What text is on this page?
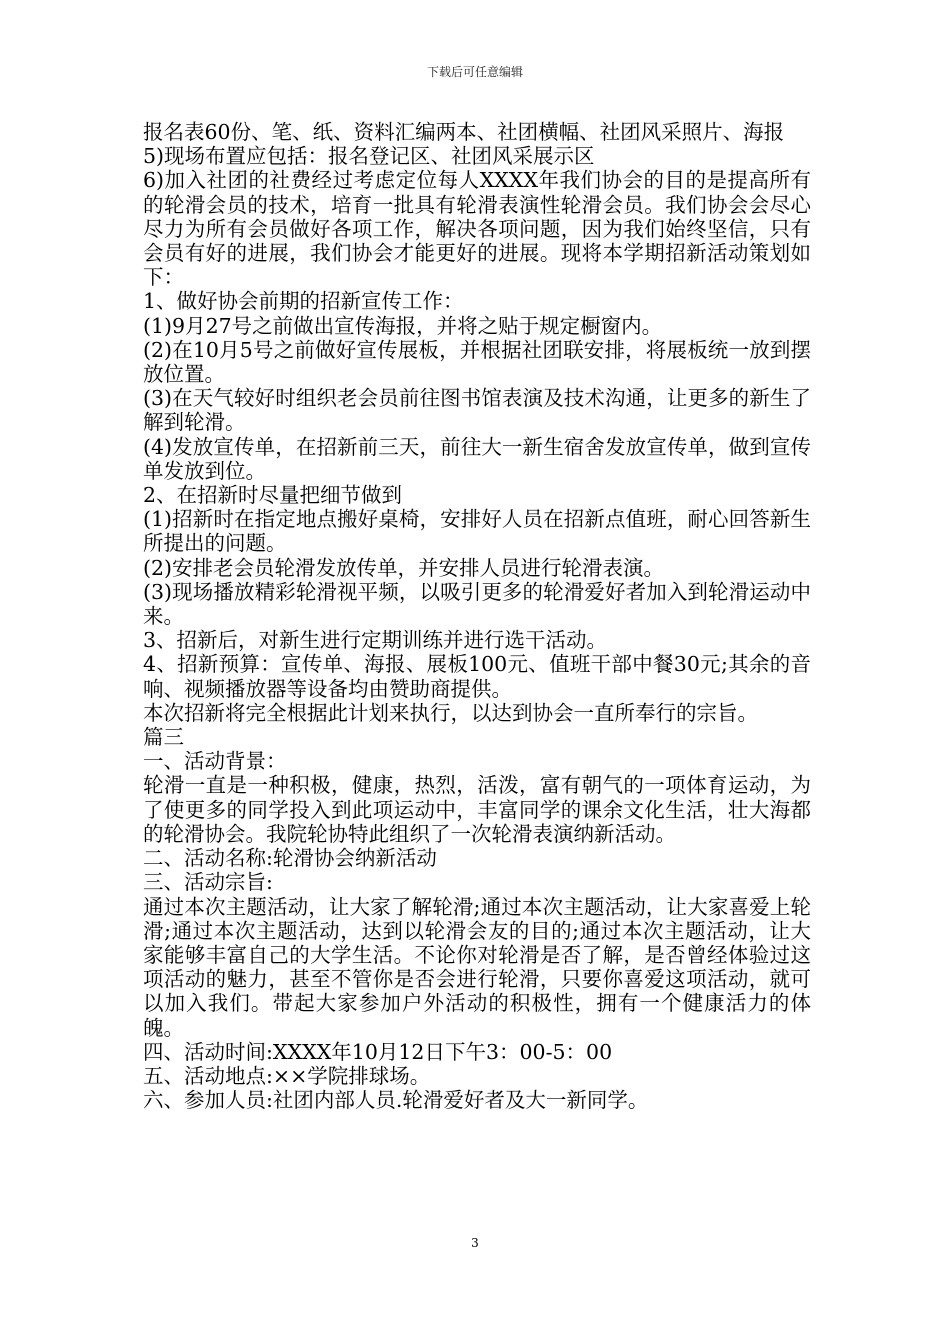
下载后可任意编辑

报名表60份、笔、纸、资料汇编两本、社团横幅、社团风采照片、海报

5)现场布置应包括：报名登记区、社团风采展示区

6)加入社团的社费经过考虑定位每人XXXX年我们协会的目的是提高所有的轮滑会员的技术，培育一批具有轮滑表演性轮滑会员。我们协会会尽心尽力为所有会员做好各项工作，解决各项问题，因为我们始终坚信，只有会员有好的进展，我们协会才能更好的进展。现将本学期招新活动策划如下：

1、做好协会前期的招新宣传工作：

(1)9月27号之前做出宣传海报，并将之贴于规定橱窗内。

(2)在10月5号之前做好宣传展板，并根据社团联安排，将展板统一放到摆放位置。

(3)在天气较好时组织老会员前往图书馆表演及技术沟通，让更多的新生了解到轮滑。

(4)发放宣传单，在招新前三天，前往大一新生宿舍发放宣传单，做到宣传单发放到位。

2、在招新时尽量把细节做到

(1)招新时在指定地点搬好桌椅，安排好人员在招新点值班，耐心回答新生所提出的问题。

(2)安排老会员轮滑发放传单，并安排人员进行轮滑表演。

(3)现场播放精彩轮滑视平频，以吸引更多的轮滑爱好者加入到轮滑运动中来。

3、招新后，对新生进行定期训练并进行选干活动。

4、招新预算：宣传单、海报、展板100元、值班干部中餐30元;其余的音响、视频播放器等设备均由赞助商提供。

本次招新将完全根据此计划来执行，以达到协会一直所奉行的宗旨。

篇三

一、活动背景：

轮滑一直是一种积极，健康，热烈，活泼，富有朝气的一项体育运动，为了使更多的同学投入到此项运动中，丰富同学的课余文化生活，壮大海都的轮滑协会。我院轮协特此组织了一次轮滑表演纳新活动。

二、活动名称:轮滑协会纳新活动

三、活动宗旨:

通过本次主题活动，让大家了解轮滑;通过本次主题活动，让大家喜爱上轮滑;通过本次主题活动，达到以轮滑会友的目的;通过本次主题活动，让大家能够丰富自己的大学生活。不论你对轮滑是否了解，是否曾经体验过这项活动的魅力，甚至不管你是否会进行轮滑，只要你喜爱这项活动，就可以加入我们。带起大家参加户外活动的积极性，拥有一个健康活力的体魄。

四、活动时间:XXXX年10月12日下午3：00-5：00

五、活动地点:××学院排球场。

六、参加人员:社团内部人员.轮滑爱好者及大一新同学。

3
